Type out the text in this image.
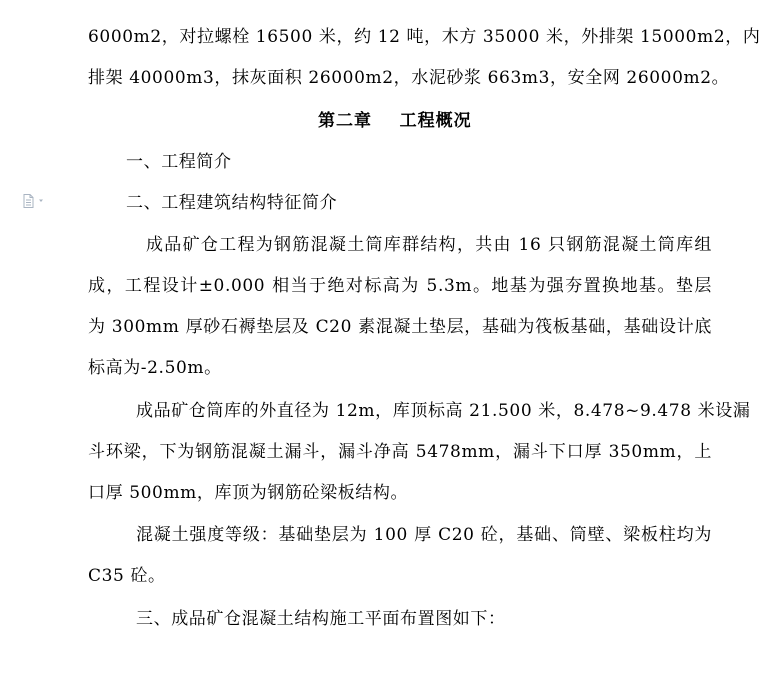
6000m2，对拉螺栓 16500 米，约 12 吨，木方 35000 米，外排架 15000m2，内
排架 40000m3，抹灰面积 26000m2，水泥砂浆 663m3，安全网 26000m2。
第二章    工程概况
一、工程简介
二、工程建筑结构特征简介
成品矿仓工程为钢筋混凝土筒库群结构，共由 16 只钢筋混凝土筒库组
成，工程设计±0.000 相当于绝对标高为 5.3m。地基为强夯置换地基。垫层
为 300mm 厚砂石褥垫层及 C20 素混凝土垫层，基础为筏板基础，基础设计底
标高为-2.50m。
成品矿仓筒库的外直径为 12m，库顶标高 21.500 米，8.478~9.478 米设漏
斗环梁，下为钢筋混凝土漏斗，漏斗净高 5478mm，漏斗下口厚 350mm，上
口厚 500mm，库顶为钢筋砼梁板结构。
混凝土强度等级：基础垫层为 100 厚 C20 砼，基础、筒壁、梁板柱均为
C35 砼。
三、成品矿仓混凝土结构施工平面布置图如下：
